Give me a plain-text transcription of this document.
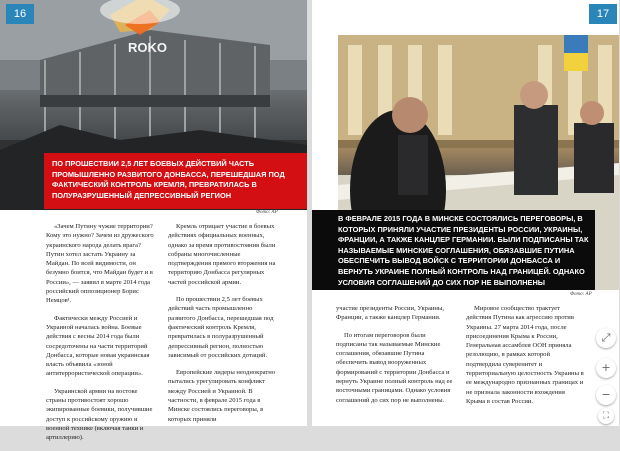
ROKO
16
ПО ПРОШЕСТВИИ 2,5 ЛЕТ БОЕВЫХ ДЕЙСТВИЙ ЧАСТЬ ПРОМЫШЛЕННО РАЗВИТОГО ДОНБАССА, ПЕРЕШЕДШАЯ ПОД ФАКТИЧЕСКИЙ КОНТРОЛЬ КРЕМЛЯ, ПРЕВРАТИЛАСЬ В ПОЛУРАЗРУШЕННЫЙ ДЕПРЕССИВНЫЙ РЕГИОН
Фото: AP

«Зачем Путину чужие территории? Кому это нужно? Зачем из дружеского украинского народа делать врага? Путин хотел застать Украину за Майдан. По всей видимости, он безумно боится, что Майдан будет и в России», — заявил в марте 2014 года российский оппозиционер Борис Немцов¹.

Фактически между Россией и Украиной началась война. Боевые действия с весны 2014 года были сосредоточены на части территорий Донбасса, которые новая украинская власть объявила «зоной антитеррористической операции».

Украинской армии на востоке страны противостоят хорошо экипированные боевики, получившие доступ к российскому оружию и военной технике (включая танки и артиллерию).

Кремль отрицает участие в боевых действиях официальных военных, однако за время противостояния были собраны многочисленные подтверждения прямого вторжения на территорию Донбасса регулярных частей российской армии.

По прошествии 2,5 лет боевых действий часть промышленно развитого Донбасса, перешедшая под фактический контроль Кремля, превратилась в полуразрушенный депрессивный регион, полностью зависимый от российских дотаций.

Европейские лидеры неоднократно пытались урегулировать конфликт между Россией и Украиной. В частности, в феврале 2015 года в Минске состоялись переговоры, в которых приняли

17
В ФЕВРАЛЕ 2015 ГОДА В МИНСКЕ СОСТОЯЛИСЬ ПЕРЕГОВОРЫ, В КОТОРЫХ ПРИНЯЛИ УЧАСТИЕ ПРЕЗИДЕНТЫ РОССИИ, УКРАИНЫ, ФРАНЦИИ, А ТАКЖЕ КАНЦЛЕР ГЕРМАНИИ. БЫЛИ ПОДПИСАНЫ ТАК НАЗЫВАЕМЫЕ МИНСКИЕ СОГЛАШЕНИЯ, ОБЯЗАВШИЕ ПУТИНА ОБЕСПЕЧИТЬ ВЫВОД ВОЙСК С ТЕРРИТОРИИ ДОНБАССА И ВЕРНУТЬ УКРАИНЕ ПОЛНЫЙ КОНТРОЛЬ НАД ГРАНИЦЕЙ. ОДНАКО УСЛОВИЯ СОГЛАШЕНИЙ ДО СИХ ПОР НЕ ВЫПОЛНЕНЫ
Фото: AP

участие президенты России, Украины, Франции, а также канцлер Германии.

По итогам переговоров были подписаны так называемые Минские соглашения, обязавшие Путина обеспечить вывод вооруженных формирований с территории Донбасса и вернуть Украине полный контроль над ее восточными границами. Однако условия соглашений до сих пор не выполнены.

Мировое сообщество трактует действия Путина как агрессию против Украины. 27 марта 2014 года, после присоединения Крыма к России, Генеральная ассамблея ООН приняла резолюцию, в рамках которой подтвердила суверенитет и территориальную целостность Украины в ее международно признанных границах и не признала законности вхождения Крыма в состав России.

⤢
+
−
⛶
